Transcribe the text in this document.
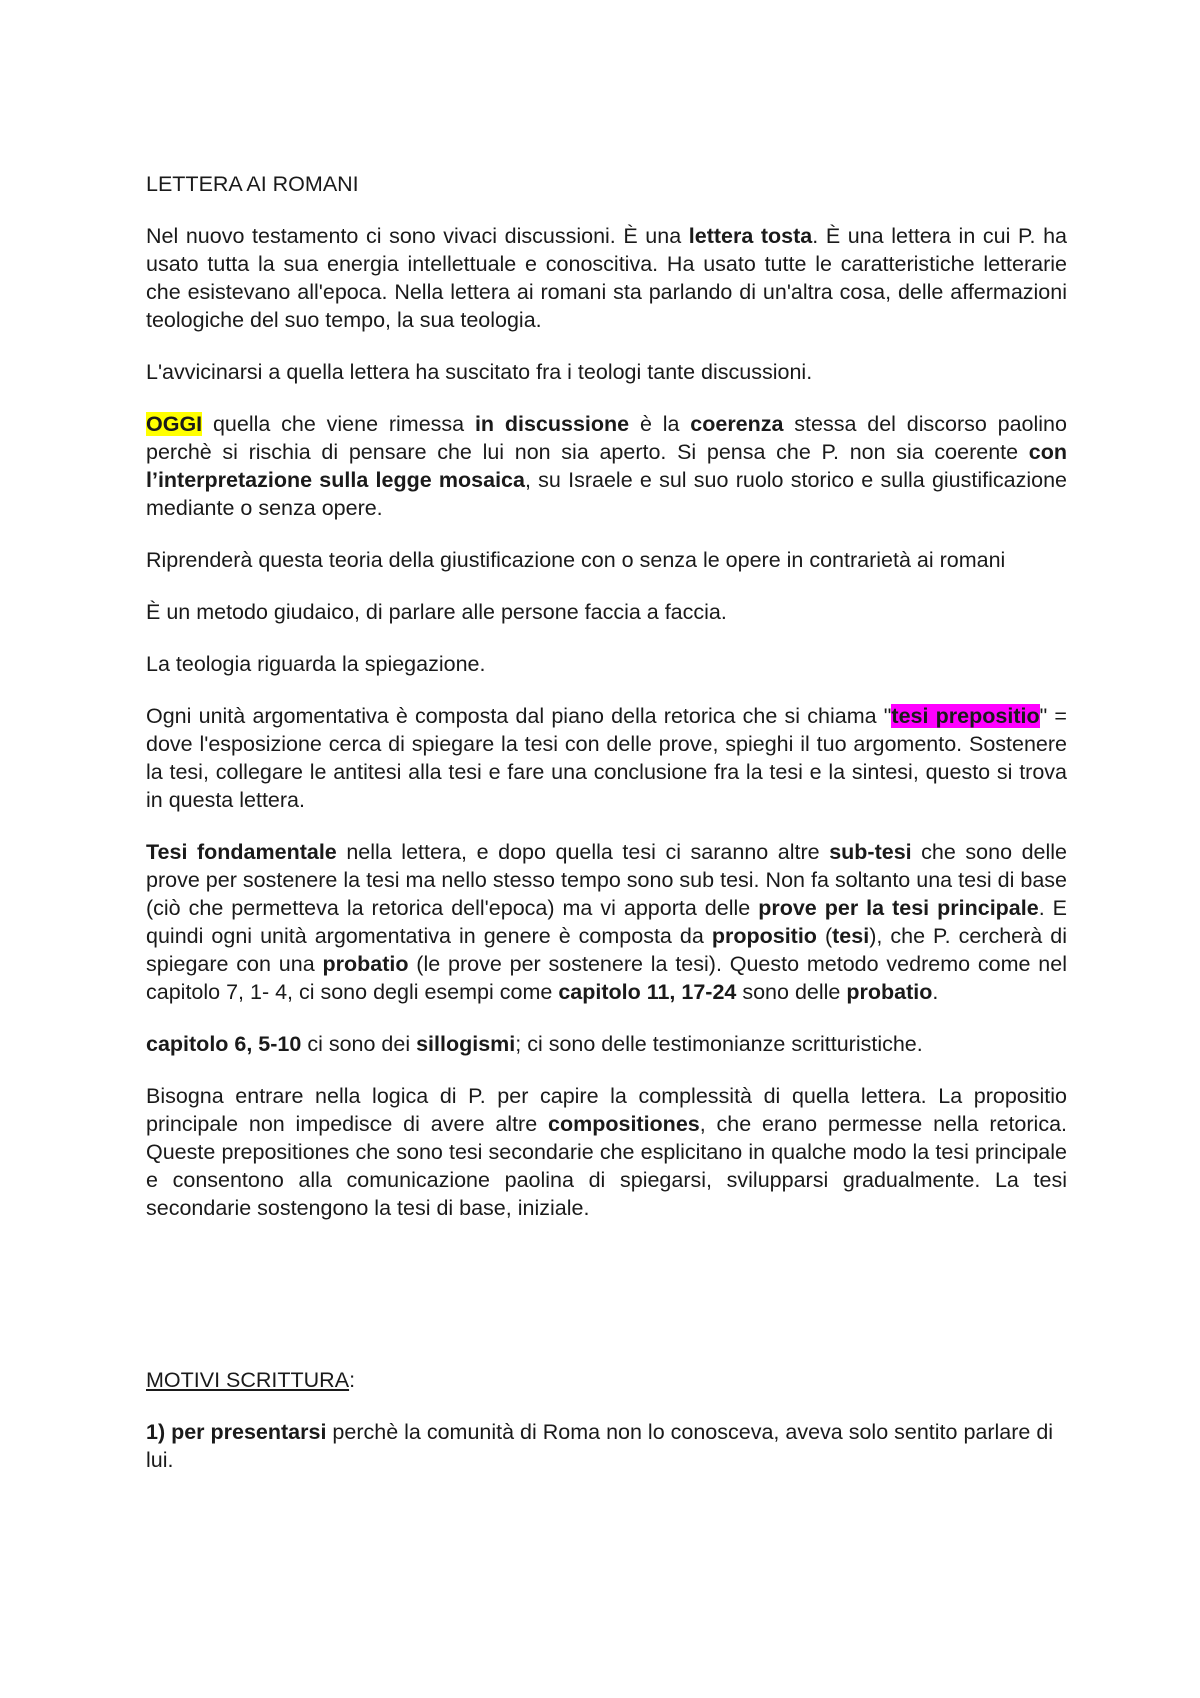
LETTERA AI ROMANI

Nel nuovo testamento ci sono vivaci discussioni. È una lettera tosta. È una lettera in cui P. ha usato tutta la sua energia intellettuale e conoscitiva. Ha usato tutte le caratteristiche letterarie che esistevano all'epoca. Nella lettera ai romani sta parlando di un'altra cosa, delle affermazioni teologiche del suo tempo, la sua teologia.

L'avvicinarsi a quella lettera ha suscitato fra i teologi tante discussioni.

OGGI quella che viene rimessa in discussione è la coerenza stessa del discorso paolino perchè si rischia di pensare che lui non sia aperto. Si pensa che P. non sia coerente con l’interpretazione sulla legge mosaica, su Israele e sul suo ruolo storico e sulla giustificazione mediante o senza opere.

Riprenderà questa teoria della giustificazione con o senza le opere in contrarietà ai romani

È un metodo giudaico, di parlare alle persone faccia a faccia.

La teologia riguarda la spiegazione.

Ogni unità argomentativa è composta dal piano della retorica che si chiama "tesi prepositio" = dove l'esposizione cerca di spiegare la tesi con delle prove, spieghi il tuo argomento. Sostenere la tesi, collegare le antitesi alla tesi e fare una conclusione fra la tesi e la sintesi, questo si trova in questa lettera.

Tesi fondamentale nella lettera, e dopo quella tesi ci saranno altre sub-tesi che sono delle prove per sostenere la tesi ma nello stesso tempo sono sub tesi. Non fa soltanto una tesi di base (ciò che permetteva la retorica dell'epoca) ma vi apporta delle prove per la tesi principale. E quindi ogni unità argomentativa in genere è composta da propositio (tesi), che P. cercherà di spiegare con una probatio (le prove per sostenere la tesi). Questo metodo vedremo come nel capitolo 7, 1- 4, ci sono degli esempi come capitolo 11, 17-24 sono delle probatio.

capitolo 6, 5-10 ci sono dei sillogismi; ci sono delle testimonianze scritturistiche.

Bisogna entrare nella logica di P. per capire la complessità di quella lettera. La propositio principale non impedisce di avere altre compositiones, che erano permesse nella retorica. Queste prepositiones che sono tesi secondarie che esplicitano in qualche modo la tesi principale e consentono alla comunicazione paolina di spiegarsi, svilupparsi gradualmente. La tesi secondarie sostengono la tesi di base, iniziale.

MOTIVI SCRITTURA:

1) per presentarsi perchè la comunità di Roma non lo conosceva, aveva solo sentito parlare di lui.
